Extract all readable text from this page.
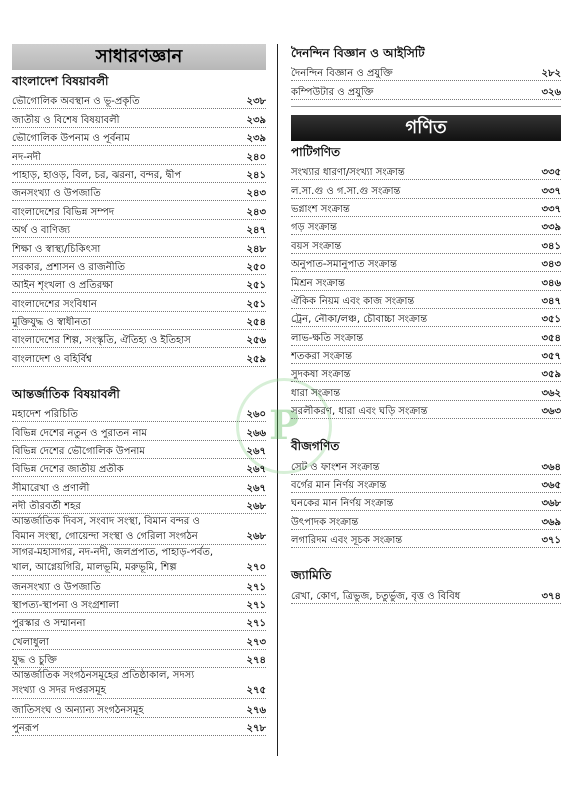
P
সাধারণজ্ঞান
বাংলাদেশ বিষয়াবলী
ভৌগোলিক অবস্থান ও ভূ-প্রকৃতি	২৩৮
জাতীয় ও বিশেষ বিষয়াবলী	২৩৯
ভৌগোলিক উপনাম ও পূর্বনাম	২৩৯
নদ-নদী	২৪০
পাহাড়, হাওড়, বিল, চর, ঝরনা, বন্দর, দ্বীপ	২৪১
জনসংখ্যা ও উপজাতি	২৪৩
বাংলাদেশের বিভিন্ন সম্পদ	২৪৩
অর্থ ও বাণিজ্য	২৪৭
শিক্ষা ও স্বাস্থ্য/চিকিৎসা	২৪৮
সরকার, প্রশাসন ও রাজনীতি	২৫০
আইন শৃংখলা ও প্রতিরক্ষা	২৫১
বাংলাদেশের সংবিধান	২৫১
মুক্তিযুদ্ধ ও স্বাধীনতা	২৫৪
বাংলাদেশের শিল্প, সংস্কৃতি, ঐতিহ্য ও ইতিহাস	২৫৬
বাংলাদেশ ও বহির্বিশ্ব	২৫৯
আন্তর্জাতিক বিষয়াবলী
মহাদেশ পরিচিতি	২৬০
বিভিন্ন দেশের নতুন ও পুরাতন নাম	২৬৬
বিভিন্ন দেশের ভৌগোলিক উপনাম	২৬৭
বিভিন্ন দেশের জাতীয় প্রতীক	২৬৭
সীমারেখা ও প্রণালী	২৬৭
নদী তীরবর্তী শহর	২৬৮
আন্তর্জাতিক দিবস, সংবাদ সংস্থা, বিমান বন্দর ও
বিমান সংস্থা, গোয়েন্দা সংস্থা ও গেরিলা সংগঠন	২৬৮
সাগর-মহাসাগর, নদ-নদী, জলপ্রপাত, পাহাড়-পর্বত,
খাল, আগ্নেয়গিরি, মালভূমি, মরুভূমি, শিল্প	২৭০
জনসংখ্যা ও উপজাতি	২৭১
স্থাপত্য-স্থাপনা ও সংগ্রশালা	২৭১
পুরস্কার ও সম্মাননা	২৭১
খেলাধুলা	২৭৩
যুদ্ধ ও চুক্তি	২৭৪
আন্তর্জাতিক সংগঠনসমূহের প্রতিষ্ঠাকাল, সদস্য
সংখ্যা ও সদর দপ্তরসমূহ	২৭৫
জাতিসংঘ ও অন্যান্য সংগঠনসমূহ	২৭৬
পুনরূপ	২৭৮
দৈনন্দিন বিজ্ঞান ও আইসিটি
দৈনন্দিন বিজ্ঞান ও প্রযুক্তি	২৮২
কম্পিউটার ও প্রযুক্তি	৩২৬
গণিত
পাটিগণিত
সংখ্যার ধারণা/সংখ্যা সংক্রান্ত	৩৩৫
ল.সা.গু ও গ.সা.গু সংক্রান্ত	৩৩৭
ভগ্নাংশ সংক্রান্ত	৩৩৭
গড় সংক্রান্ত	৩৩৯
বয়স সংক্রান্ত	৩৪১
অনুপাত-সমানুপাত সংক্রান্ত	৩৪৩
মিশ্রন সংক্রান্ত	৩৪৬
ঐকিক নিয়ম এবং কাজ সংক্রান্ত	৩৪৭
ট্রেন, নৌকা/লঞ্চ, চৌবাচ্চা সংক্রান্ত	৩৫১
লাভ-ক্ষতি সংক্রান্ত	৩৫৪
শতকরা সংক্রান্ত	৩৫৭
সুদকষা সংক্রান্ত	৩৫৯
ধারা সংক্রান্ত	৩৬২
সরলীকরণ, ধারা এবং ঘড়ি সংক্রান্ত	৩৬৩
বীজগণিত
সেট ও ফাংশন সংক্রান্ত	৩৬৪
বর্গের মান নির্ণয় সংক্রান্ত	৩৬৫
ঘনকের মান নির্ণয় সংক্রান্ত	৩৬৮
উৎপাদক সংক্রান্ত	৩৬৯
লগারিদম এবং সূচক সংক্রান্ত	৩৭১
জ্যামিতি
রেখা, কোণ, ত্রিভুজ, চতুর্ভুজ, বৃত্ত ও বিবিধ	৩৭৪
